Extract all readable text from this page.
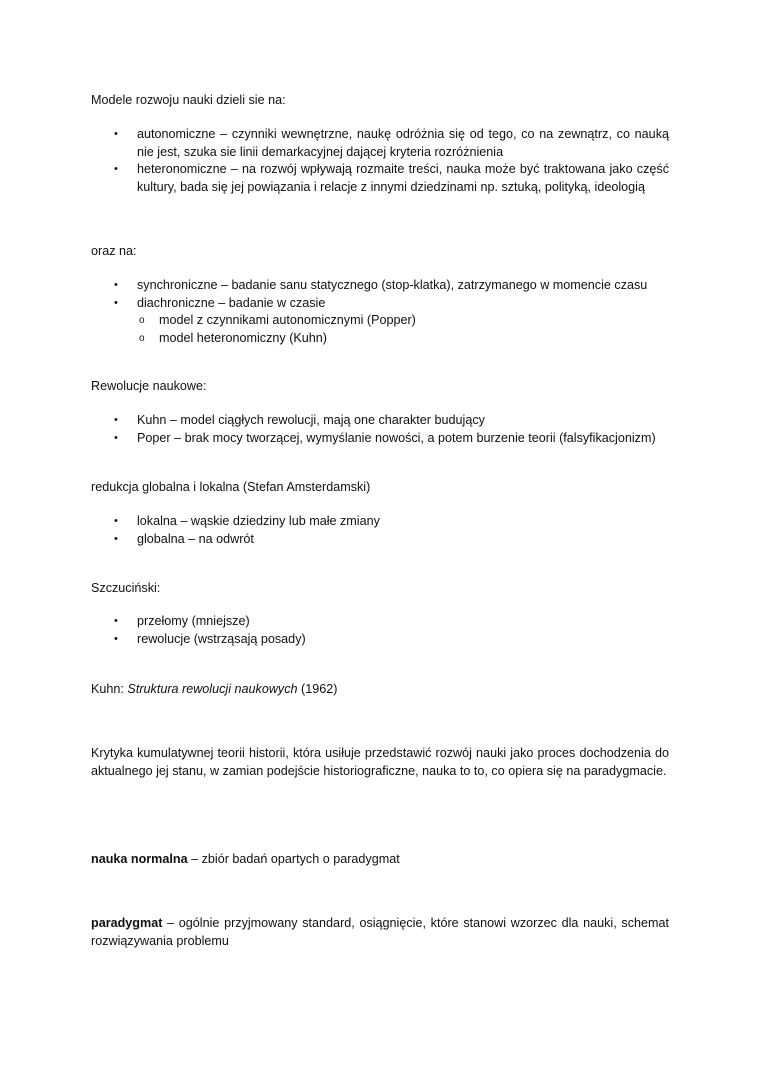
Modele rozwoju nauki dzieli sie na:

•	autonomiczne – czynniki wewnętrzne, naukę odróżnia się od tego, co na zewnątrz, co nauką nie jest, szuka sie linii demarkacyjnej dającej kryteria rozróżnienia
•	heteronomiczne – na rozwój wpływają rozmaite treści, nauka może być traktowana jako część kultury, bada się jej powiązania i relacje z innymi dziedzinami np. sztuką, polityką, ideologią

oraz na:

•	synchroniczne – badanie sanu statycznego (stop-klatka), zatrzymanego w momencie czasu
•	diachroniczne – badanie w czasie
o model z czynnikami autonomicznymi (Popper)
o model heteronomiczny (Kuhn)

Rewolucje naukowe:

•	Kuhn – model ciągłych rewolucji, mają one charakter budujący
•	Poper – brak mocy tworzącej, wymyślanie nowości, a potem burzenie teorii (falsyfikacjonizm)

redukcja globalna i lokalna (Stefan Amsterdamski)

•	lokalna – wąskie dziedziny lub małe zmiany
•	globalna – na odwrót

Szczuciński:

•	przełomy (mniejsze)
•	rewolucje (wstrząsają posady)

Kuhn: Struktura rewolucji naukowych (1962)

Krytyka kumulatywnej teorii historii, która usiłuje przedstawić rozwój nauki jako proces dochodzenia do aktualnego jej stanu, w zamian podejście historiograficzne, nauka to to, co opiera się na paradygmacie.

nauka normalna – zbiór badań opartych o paradygmat

paradygmat – ogólnie przyjmowany standard, osiągnięcie, które stanowi wzorzec dla nauki, schemat rozwiązywania problemu
